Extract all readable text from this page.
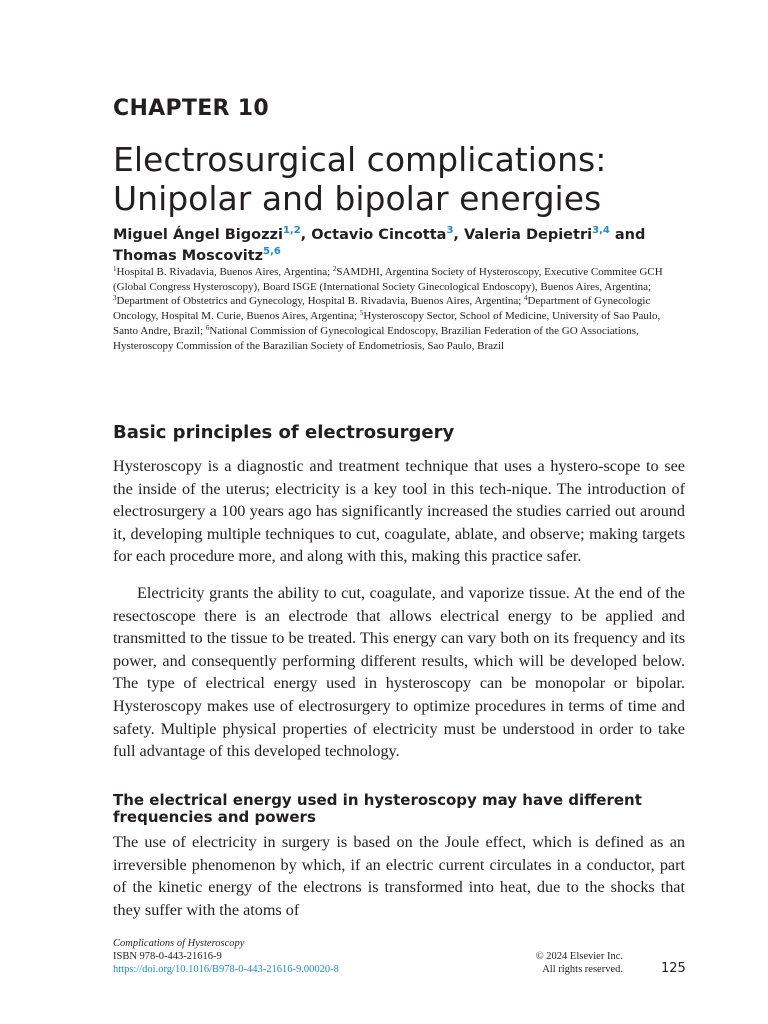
CHAPTER 10
Electrosurgical complications:
Unipolar and bipolar energies

Miguel Ángel Bigozzi$^{1,2}$, Octavio Cincotta$^3$, Valeria Depietri$^{3,4}$ and
Thomas Moscovitz$^{5,6}$

$^1$Hospital B. Rivadavia, Buenos Aires, Argentina; $^2$SAMDHI, Argentina Society of Hysteroscopy, Executive Commitee GCH (Global Congress Hysteroscopy), Board ISGE (International Society Ginecological Endoscopy), Buenos Aires, Argentina; $^3$Department of Obstetrics and Gynecology, Hospital B. Rivadavia, Buenos Aires, Argentina; $^4$Department of Gynecologic Oncology, Hospital M. Curie, Buenos Aires, Argentina; $^5$Hysteroscopy Sector, School of Medicine, University of Sao Paulo, Santo Andre, Brazil; $^6$National Commission of Gynecological Endoscopy, Brazilian Federation of the GO Associations, Hysteroscopy Commission of the Barazilian Society of Endometriosis, Sao Paulo, Brazil

Basic principles of electrosurgery

Hysteroscopy is a diagnostic and treatment technique that uses a hystero-scope to see the inside of the uterus; electricity is a key tool in this tech-nique. The introduction of electrosurgery a 100 years ago has significantly increased the studies carried out around it, developing multiple techniques to cut, coagulate, ablate, and observe; making targets for each procedure more, and along with this, making this practice safer.

Electricity grants the ability to cut, coagulate, and vaporize tissue. At the end of the resectoscope there is an electrode that allows electrical energy to be applied and transmitted to the tissue to be treated. This energy can vary both on its frequency and its power, and consequently performing different results, which will be developed below. The type of electrical energy used in hysteroscopy can be monopolar or bipolar. Hysteroscopy makes use of electrosurgery to optimize procedures in terms of time and safety. Multiple physical properties of electricity must be understood in order to take full advantage of this developed technology.

The electrical energy used in hysteroscopy may have different frequencies and powers

The use of electricity in surgery is based on the Joule effect, which is defined as an irreversible phenomenon by which, if an electric current circulates in a conductor, part of the kinetic energy of the electrons is transformed into heat, due to the shocks that they suffer with the atoms of

Complications of Hysteroscopy
ISBN 978-0-443-21616-9
https://doi.org/10.1016/B978-0-443-21616-9.00020-8
© 2024 Elsevier Inc.
All rights reserved.	125
